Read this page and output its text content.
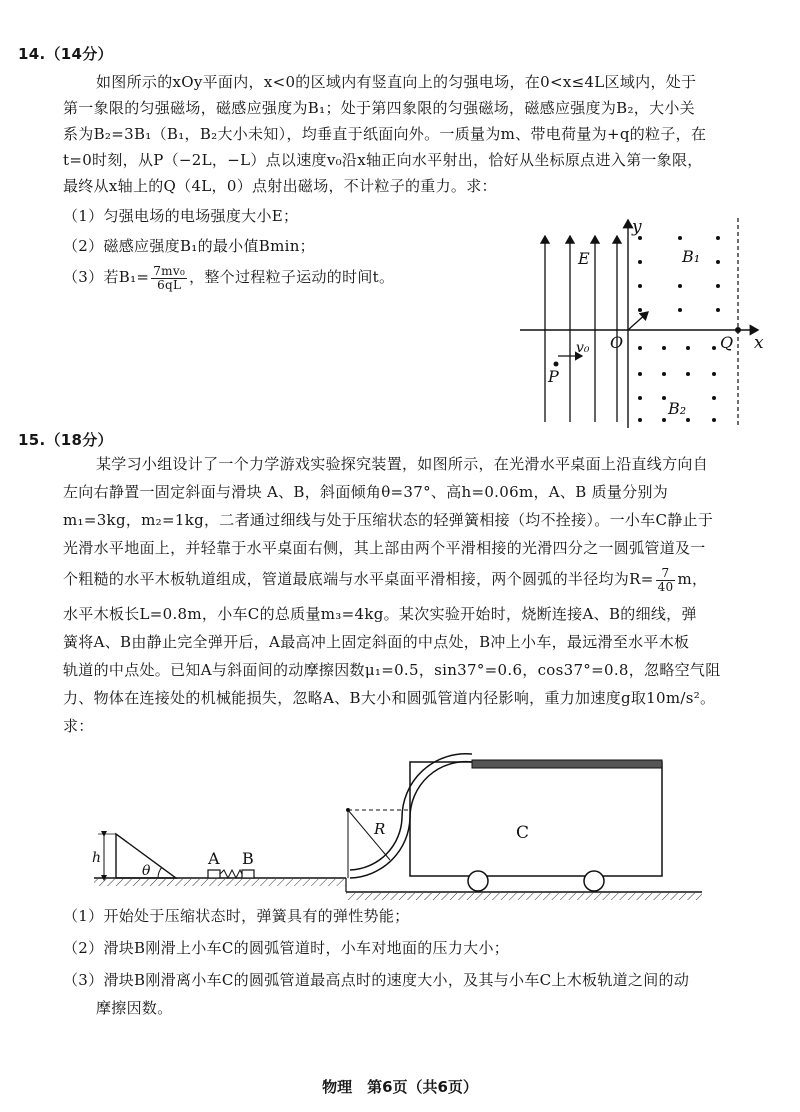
14.（14分）
如图所示的xOy平面内，x<0的区域内有竖直向上的匀强电场，在0<x≤4L区域内，处于
第一象限的匀强磁场，磁感应强度为B₁；处于第四象限的匀强磁场，磁感应强度为B₂，大小关
系为B₂=3B₁（B₁，B₂大小未知），均垂直于纸面向外。一质量为m、带电荷量为+q的粒子，在
t=0时刻，从P（−2L，−L）点以速度v₀沿x轴正向水平射出，恰好从坐标原点进入第一象限，
最终从x轴上的Q（4L，0）点射出磁场，不计粒子的重力。求：
（1）匀强电场的电场强度大小E；
（2）磁感应强度B₁的最小值Bmin；
（3）若$B_1= \frac{\text{7mv₀}}{6qL}$ ，整个过程粒子运动的时间t。
y
x
E	B₁
B₂
O	Q
P
v₀
15.（18分）
某学习小组设计了一个力学游戏实验探究装置，如图所示，在光滑水平桌面上沿直线方向自
左向右静置一固定斜面与滑块 A、B，斜面倾角θ=37°、高h=0.06m，A、B 质量分别为
m₁=3kg，m₂=1kg，二者通过细线与处于压缩状态的轻弹簧相接（均不拴接）。一小车C静止于
光滑水平地面上，并轻靠于水平桌面右侧，其上部由两个平滑相接的光滑四分之一圆弧管道及一
个粗糙的水平木板轨道组成，管道最底端与水平桌面平滑相接，两个圆弧的半径均为$R= \frac{7}{40}$ m，
水平木板长L=0.8m，小车C的总质量m₃=4kg。某次实验开始时，烧断连接A、B的细线，弹
簧将A、B由静止完全弹开后，A最高冲上固定斜面的中点处，B冲上小车，最远滑至水平木板
轨道的中点处。已知A与斜面间的动摩擦因数μ₁=0.5，sin37°=0.6，cos37°=0.8，忽略空气阻
力、物体在连接处的机械能损失，忽略A、B大小和圆弧管道内径影响，重力加速度g取10m/s²。
求：
h
θ
A B
R	C
（1）开始处于压缩状态时，弹簧具有的弹性势能；
（2）滑块B刚滑上小车C的圆弧管道时，小车对地面的压力大小；
（3）滑块B刚滑离小车C的圆弧管道最高点时的速度大小，及其与小车C上木板轨道之间的动
摩擦因数。
物理　第6页（共6页）
